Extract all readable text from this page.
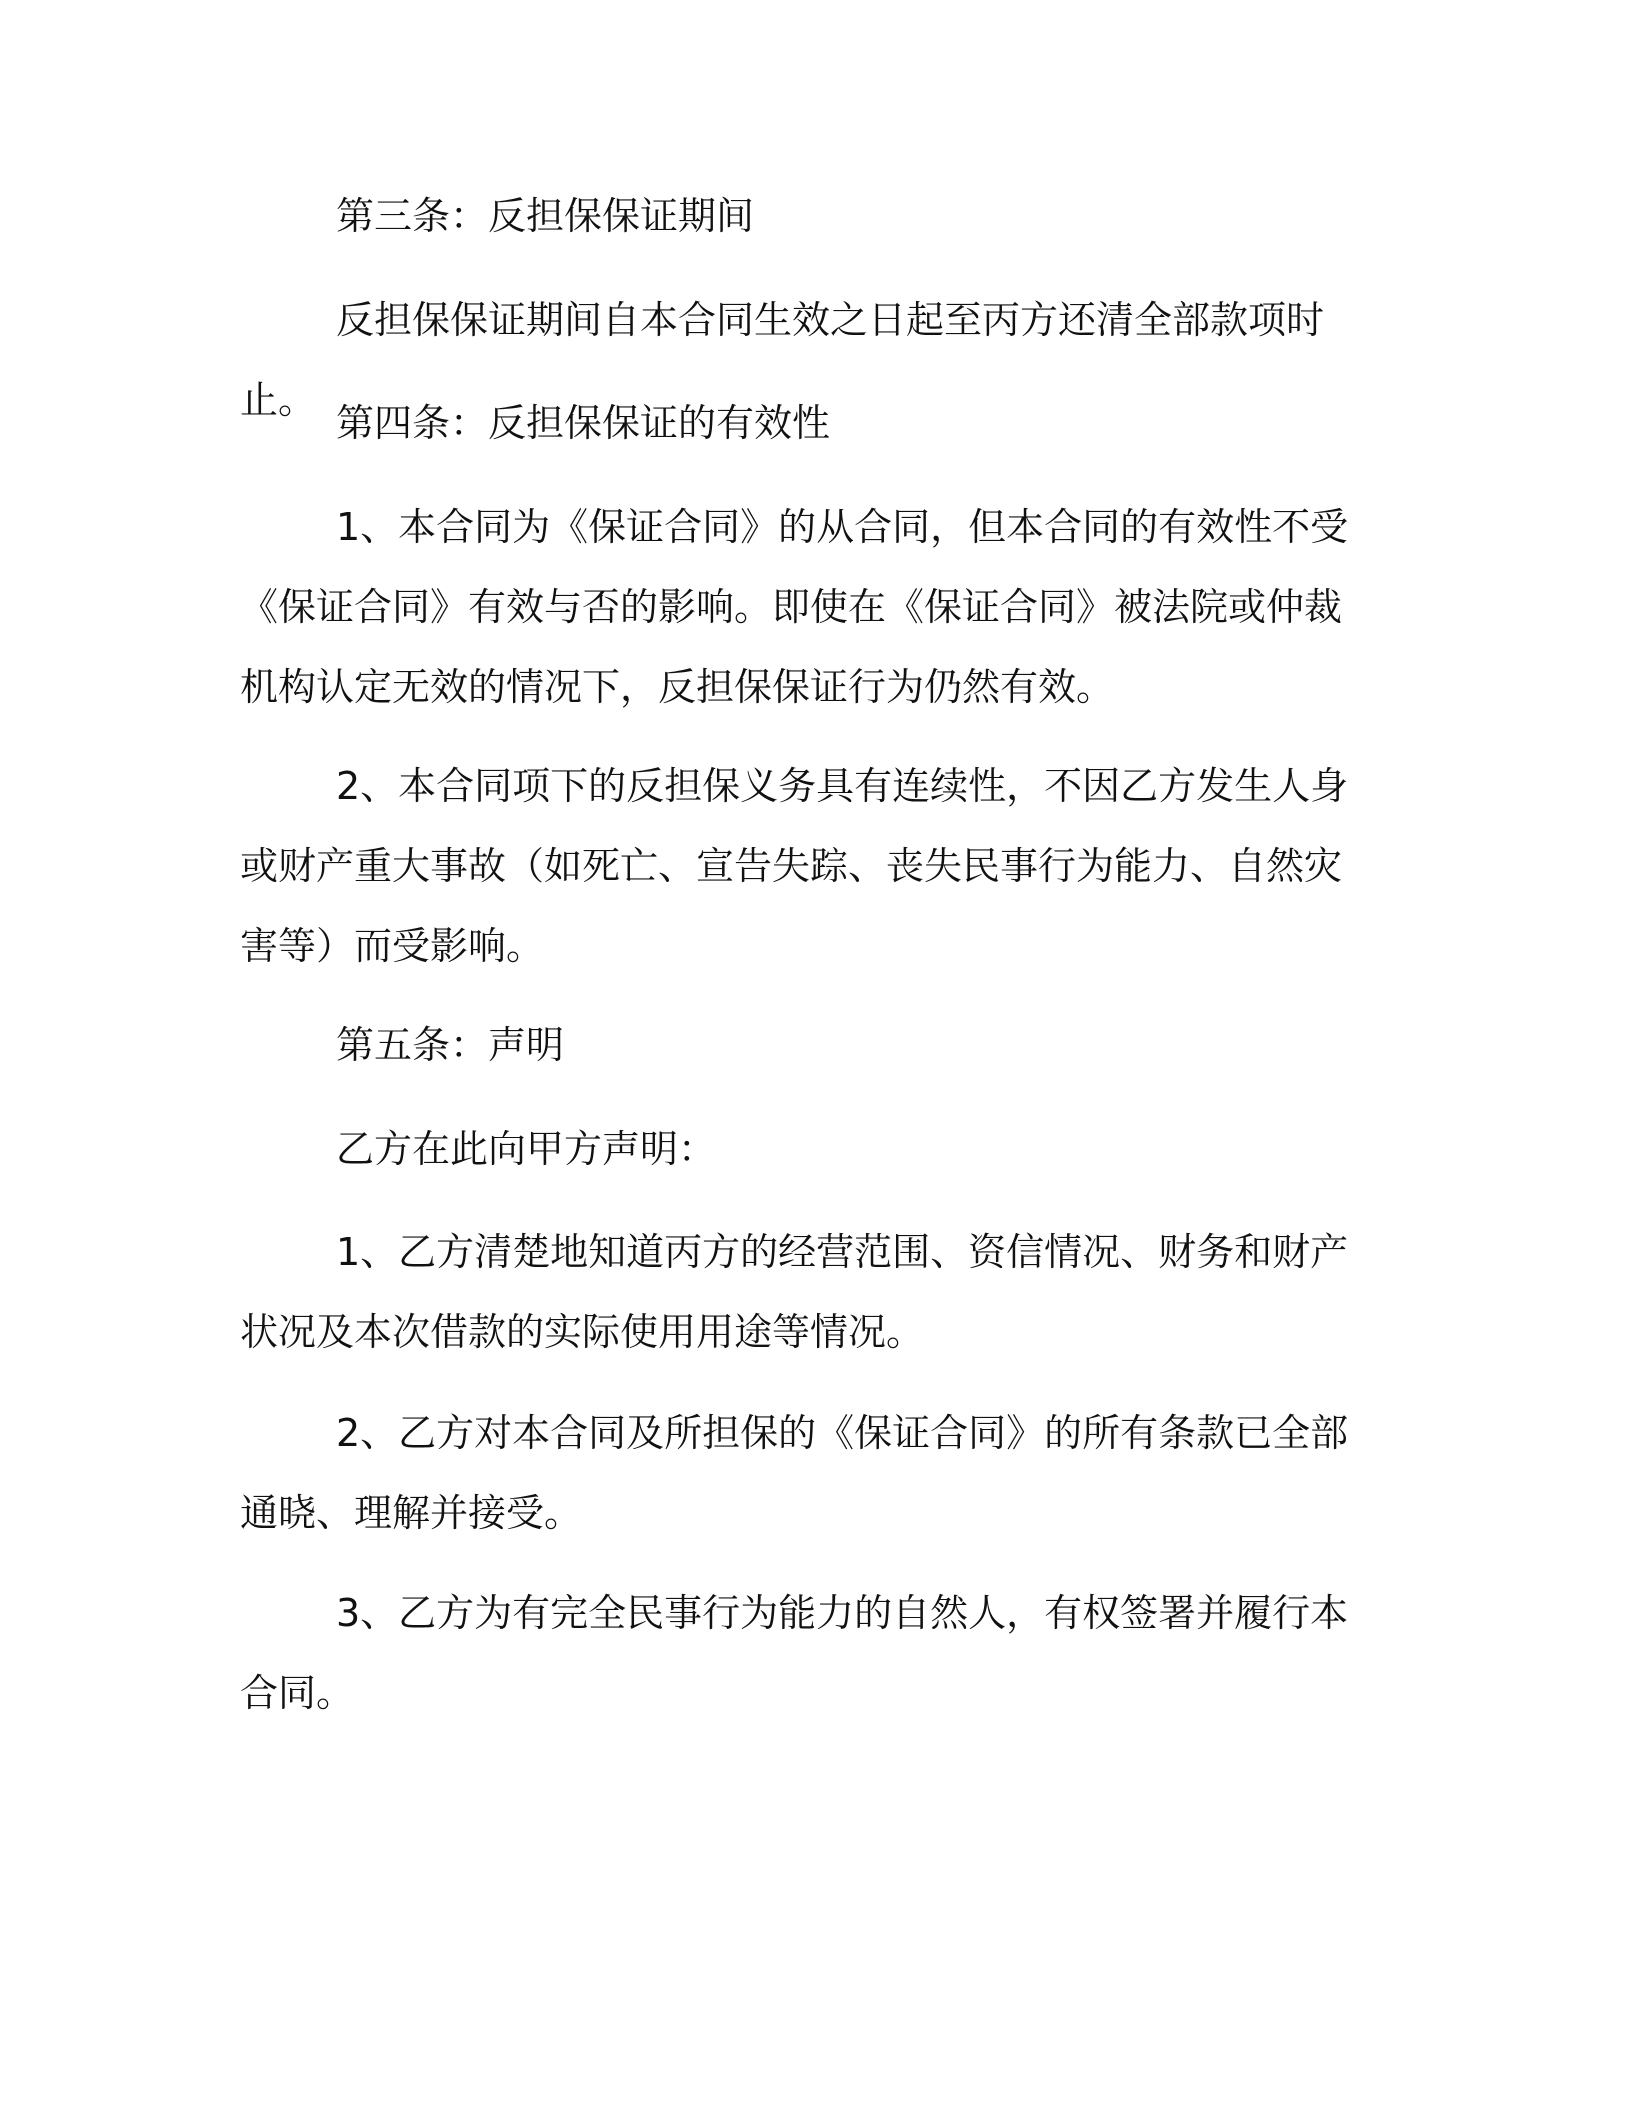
第三条：反担保保证期间
反担保保证期间自本合同生效之日起至丙方还清全部款项时止。
第四条：反担保保证的有效性
1、本合同为《保证合同》的从合同，但本合同的有效性不受《保证合同》有效与否的影响。即使在《保证合同》被法院或仲裁机构认定无效的情况下，反担保保证行为仍然有效。
2、本合同项下的反担保义务具有连续性，不因乙方发生人身或财产重大事故（如死亡、宣告失踪、丧失民事行为能力、自然灾害等）而受影响。
第五条：声明
乙方在此向甲方声明：
1、乙方清楚地知道丙方的经营范围、资信情况、财务和财产状况及本次借款的实际使用用途等情况。
2、乙方对本合同及所担保的《保证合同》的所有条款已全部通晓、理解并接受。
3、乙方为有完全民事行为能力的自然人，有权签署并履行本合同。
